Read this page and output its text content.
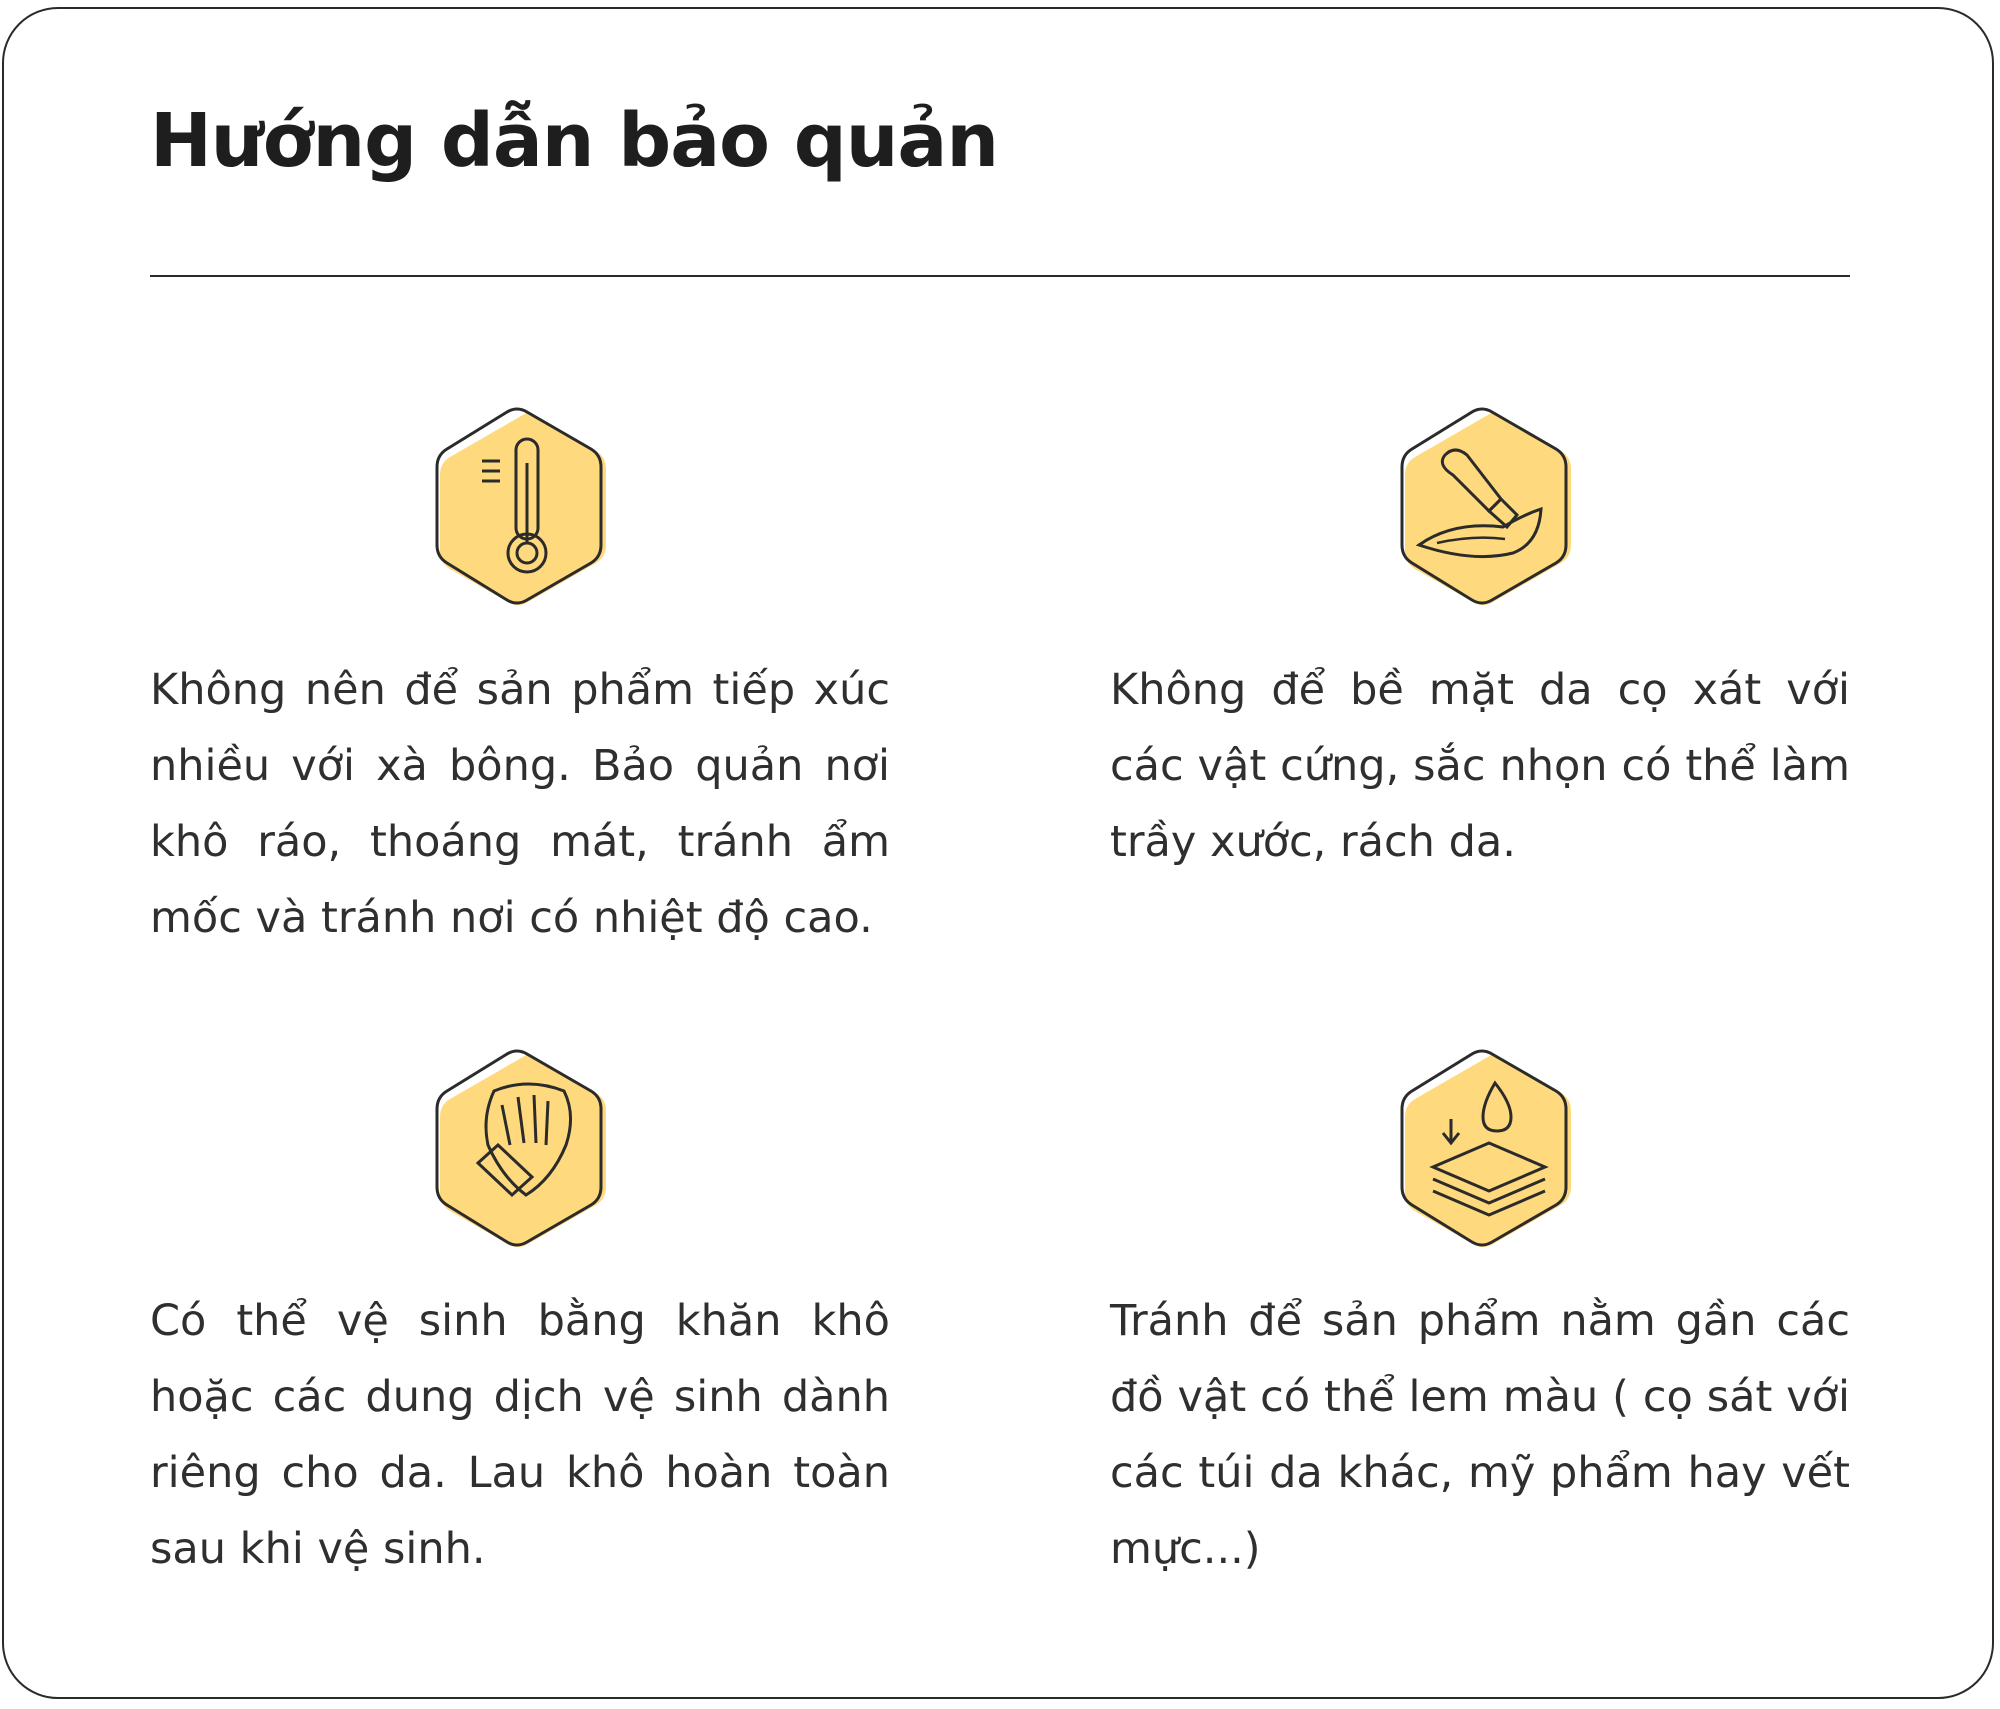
Hướng dẫn bảo quản

Không nên để sản phẩm tiếp xúc nhiều với xà bông. Bảo quản nơi khô ráo, thoáng mát, tránh ẩm mốc và tránh nơi có nhiệt độ cao.

Không để bề mặt da cọ xát với các vật cứng, sắc nhọn có thể làm trầy xước, rách da.

Có thể vệ sinh bằng khăn khô hoặc các dung dịch vệ sinh dành riêng cho da. Lau khô hoàn toàn sau khi vệ sinh.

Tránh để sản phẩm nằm gần các đồ vật có thể lem màu ( cọ sát với các túi da khác, mỹ phẩm hay vết mực...)
